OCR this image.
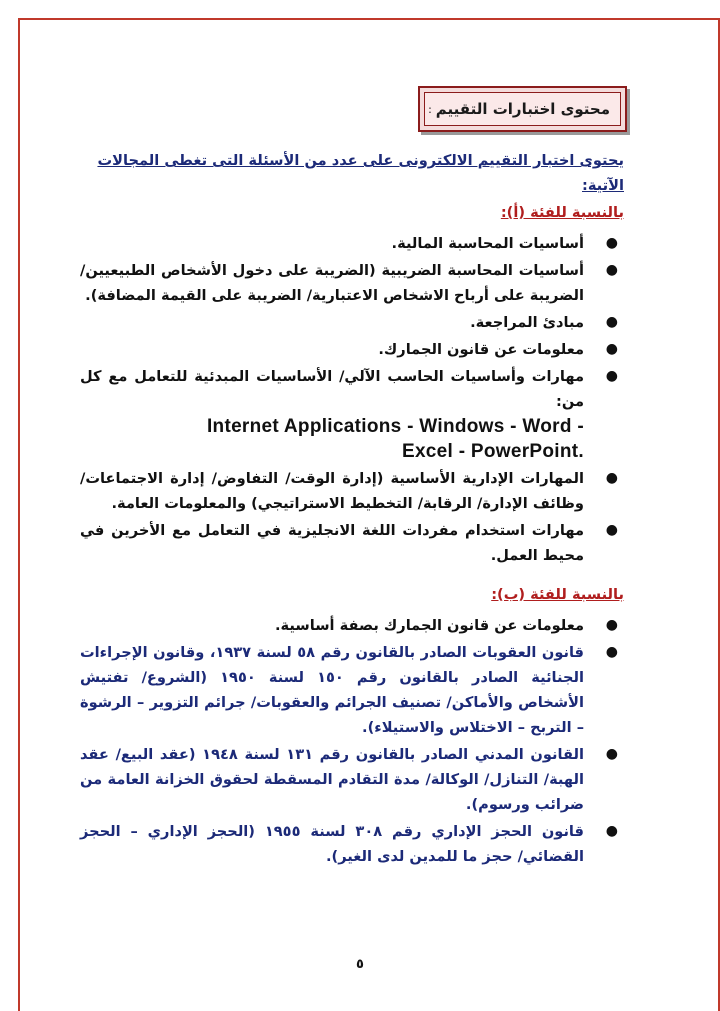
محتوى اختبارات التقييم
:
يحتوى اختبار التقييم الالكترونى على عدد من الأسئلة التى تغطى المجالات الآتية:
بالنسبة للفئة (أ):
●
أساسيات المحاسبة المالية.
●
أساسيات المحاسبة الضريبية (الضريبة على دخول الأشخاص الطبيعيين/ الضريبة على أرباح الاشخاص الاعتبارية/ الضريبة على القيمة المضافة).
●
مبادئ المراجعة.
●
معلومات عن قانون الجمارك.
●
مهارات وأساسيات الحاسب الآلي/ الأساسيات المبدئية للتعامل مع كل من:
Internet Applications - Windows - Word -
Excel - PowerPoint.
●
المهارات الإدارية الأساسية (إدارة الوقت/ التفاوض/ إدارة الاجتماعات/ وظائف الإدارة/ الرقابة/ التخطيط الاستراتيجي) والمعلومات العامة.
●
مهارات استخدام مفردات اللغة الانجليزية في التعامل مع الأخرين في محيط العمل.
بالنسبة للفئة (ب):
●
معلومات عن قانون الجمارك بصفة أساسية.
●
قانون العقوبات الصادر بالقانون رقم ٥٨ لسنة ١٩٣٧، وقانون الإجراءات الجنائية الصادر بالقانون رقم ١٥٠ لسنة ١٩٥٠ (الشروع/ تفتيش الأشخاص والأماكن/ تصنيف الجرائم والعقوبات/ جرائم التزوير – الرشوة – التربح – الاختلاس والاستيلاء).
●
القانون المدني الصادر بالقانون رقم ١٣١ لسنة ١٩٤٨ (عقد البيع/ عقد الهبة/ التنازل/ الوكالة/ مدة التقادم المسقطة لحقوق الخزانة العامة من ضرائب ورسوم).
●
قانون الحجز الإداري رقم ٣٠٨ لسنة ١٩٥٥ (الحجز الإداري – الحجز القضائي/ حجز ما للمدين لدى الغير).
٥
